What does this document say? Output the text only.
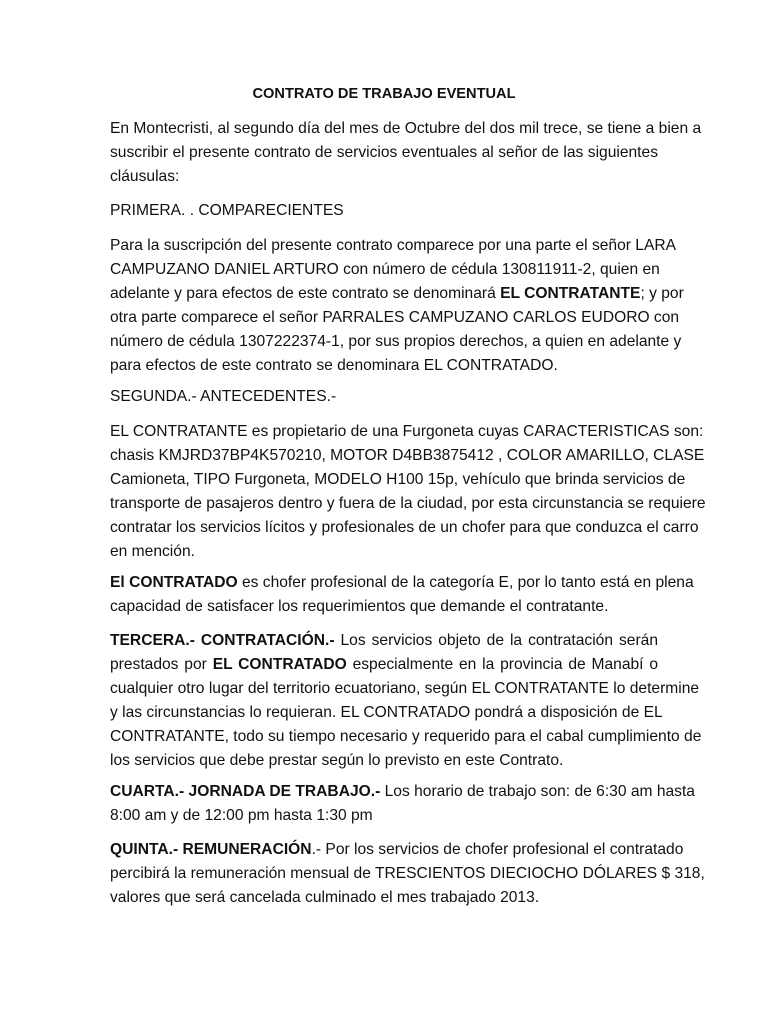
CONTRATO DE TRABAJO EVENTUAL
En Montecristi, al segundo día del mes de Octubre del dos mil trece, se tiene a bien a
suscribir el presente contrato de servicios eventuales al señor de las siguientes
cláusulas:
PRIMERA. . COMPARECIENTES
Para la suscripción del presente contrato comparece por una parte el señor LARA
CAMPUZANO DANIEL ARTURO con número de cédula 130811911-2, quien en
adelante y para efectos de este contrato se denominará EL CONTRATANTE; y por
otra parte comparece el señor PARRALES CAMPUZANO CARLOS EUDORO con
número de cédula 1307222374-1, por sus propios derechos, a quien en adelante y
para efectos de este contrato se denominara EL CONTRATADO.
SEGUNDA.- ANTECEDENTES.-
EL CONTRATANTE es propietario de una Furgoneta cuyas CARACTERISTICAS son:
chasis KMJRD37BP4K570210, MOTOR D4BB3875412 , COLOR AMARILLO, CLASE
Camioneta, TIPO Furgoneta, MODELO H100 15p, vehículo que brinda servicios de
transporte de pasajeros dentro y fuera de la ciudad, por esta circunstancia se requiere
contratar los servicios lícitos y profesionales de un chofer para que conduzca el carro
en mención.
El CONTRATADO es chofer profesional de la categoría E, por lo tanto está en plena
capacidad de satisfacer los requerimientos que demande el contratante.
TERCERA.- CONTRATACIÓN.- Los servicios objeto de la contratación serán
prestados por EL CONTRATADO especialmente en la provincia de Manabí o
cualquier otro lugar del territorio ecuatoriano, según EL CONTRATANTE lo determine
y las circunstancias lo requieran. EL CONTRATADO pondrá a disposición de EL
CONTRATANTE, todo su tiempo necesario y requerido para el cabal cumplimiento de
los servicios que debe prestar según lo previsto en este Contrato.
CUARTA.- JORNADA DE TRABAJO.- Los horario de trabajo son: de 6:30 am hasta
8:00 am y de 12:00 pm hasta 1:30 pm
QUINTA.- REMUNERACIÓN.- Por los servicios de chofer profesional el contratado
percibirá la remuneración mensual de TRESCIENTOS DIECIOCHO DÓLARES $ 318,
valores que será cancelada culminado el mes trabajado 2013.
